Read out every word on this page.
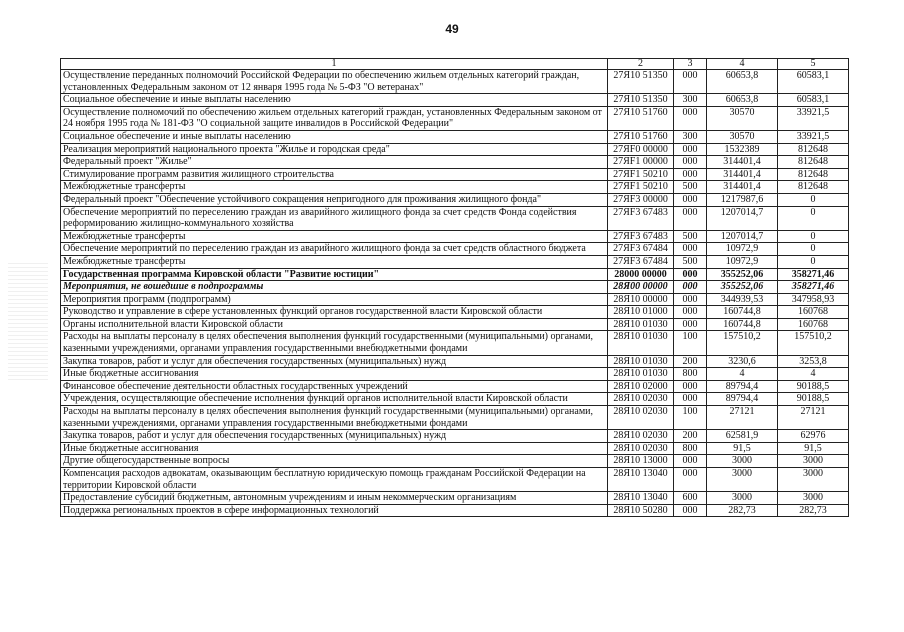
49
1	2	3	4	5
Осуществление переданных полномочий Российской Федерации по обеспечению жильем отдельных категорий граждан, установленных Федеральным законом от 12 января 1995 года № 5-ФЗ "О ветеранах"	27Я10 51350	000	60653,8	60583,1
Социальное обеспечение и иные выплаты населению	27Я10 51350	300	60653,8	60583,1
Осуществление полномочий по обеспечению жильем отдельных категорий граждан, установленных Федеральным законом от 24 ноября 1995 года № 181-ФЗ "О социальной защите инвалидов в Российской Федерации"	27Я10 51760	000	30570	33921,5
Социальное обеспечение и иные выплаты населению	27Я10 51760	300	30570	33921,5
Реализация мероприятий национального проекта "Жилье и городская среда"	27ЯF0 00000	000	1532389	812648
Федеральный проект "Жилье"	27ЯF1 00000	000	314401,4	812648
Стимулирование программ развития жилищного строительства	27ЯF1 50210	000	314401,4	812648
Межбюджетные трансферты	27ЯF1 50210	500	314401,4	812648
Федеральный проект "Обеспечение устойчивого сокращения непригодного для проживания жилищного фонда"	27ЯF3 00000	000	1217987,6	0
Обеспечение мероприятий по переселению граждан из аварийного жилищного фонда за счет средств Фонда содействия реформированию жилищно-коммунального хозяйства	27ЯF3 67483	000	1207014,7	0
Межбюджетные трансферты	27ЯF3 67483	500	1207014,7	0
Обеспечение мероприятий по переселению граждан из аварийного жилищного фонда за счет средств областного бюджета	27ЯF3 67484	000	10972,9	0
Межбюджетные трансферты	27ЯF3 67484	500	10972,9	0
Государственная программа Кировской области "Развитие юстиции"	28000 00000	000	355252,06	358271,46
Мероприятия, не вошедшие в подпрограммы	28Я00 00000	000	355252,06	358271,46
Мероприятия программ (подпрограмм)	28Я10 00000	000	344939,53	347958,93
Руководство и управление в сфере установленных функций органов государственной власти Кировской области	28Я10 01000	000	160744,8	160768
Органы исполнительной власти Кировской области	28Я10 01030	000	160744,8	160768
Расходы на выплаты персоналу в целях обеспечения выполнения функций государственными (муниципальными) органами, казенными учреждениями, органами управления государственными внебюджетными фондами	28Я10 01030	100	157510,2	157510,2
Закупка товаров, работ и услуг для обеспечения государственных (муниципальных) нужд	28Я10 01030	200	3230,6	3253,8
Иные бюджетные ассигнования	28Я10 01030	800	4	4
Финансовое обеспечение деятельности областных государственных учреждений	28Я10 02000	000	89794,4	90188,5
Учреждения, осуществляющие обеспечение исполнения функций органов исполнительной власти Кировской области	28Я10 02030	000	89794,4	90188,5
Расходы на выплаты персоналу в целях обеспечения выполнения функций государственными (муниципальными) органами, казенными учреждениями, органами управления государственными внебюджетными фондами	28Я10 02030	100	27121	27121
Закупка товаров, работ и услуг для обеспечения государственных (муниципальных) нужд	28Я10 02030	200	62581,9	62976
Иные бюджетные ассигнования	28Я10 02030	800	91,5	91,5
Другие общегосударственные вопросы	28Я10 13000	000	3000	3000
Компенсация расходов адвокатам, оказывающим бесплатную юридическую помощь гражданам Российской Федерации на территории Кировской области	28Я10 13040	000	3000	3000
Предоставление субсидий бюджетным, автономным учреждениям и иным некоммерческим организациям	28Я10 13040	600	3000	3000
Поддержка региональных проектов в сфере информационных технологий	28Я10 50280	000	282,73	282,73
